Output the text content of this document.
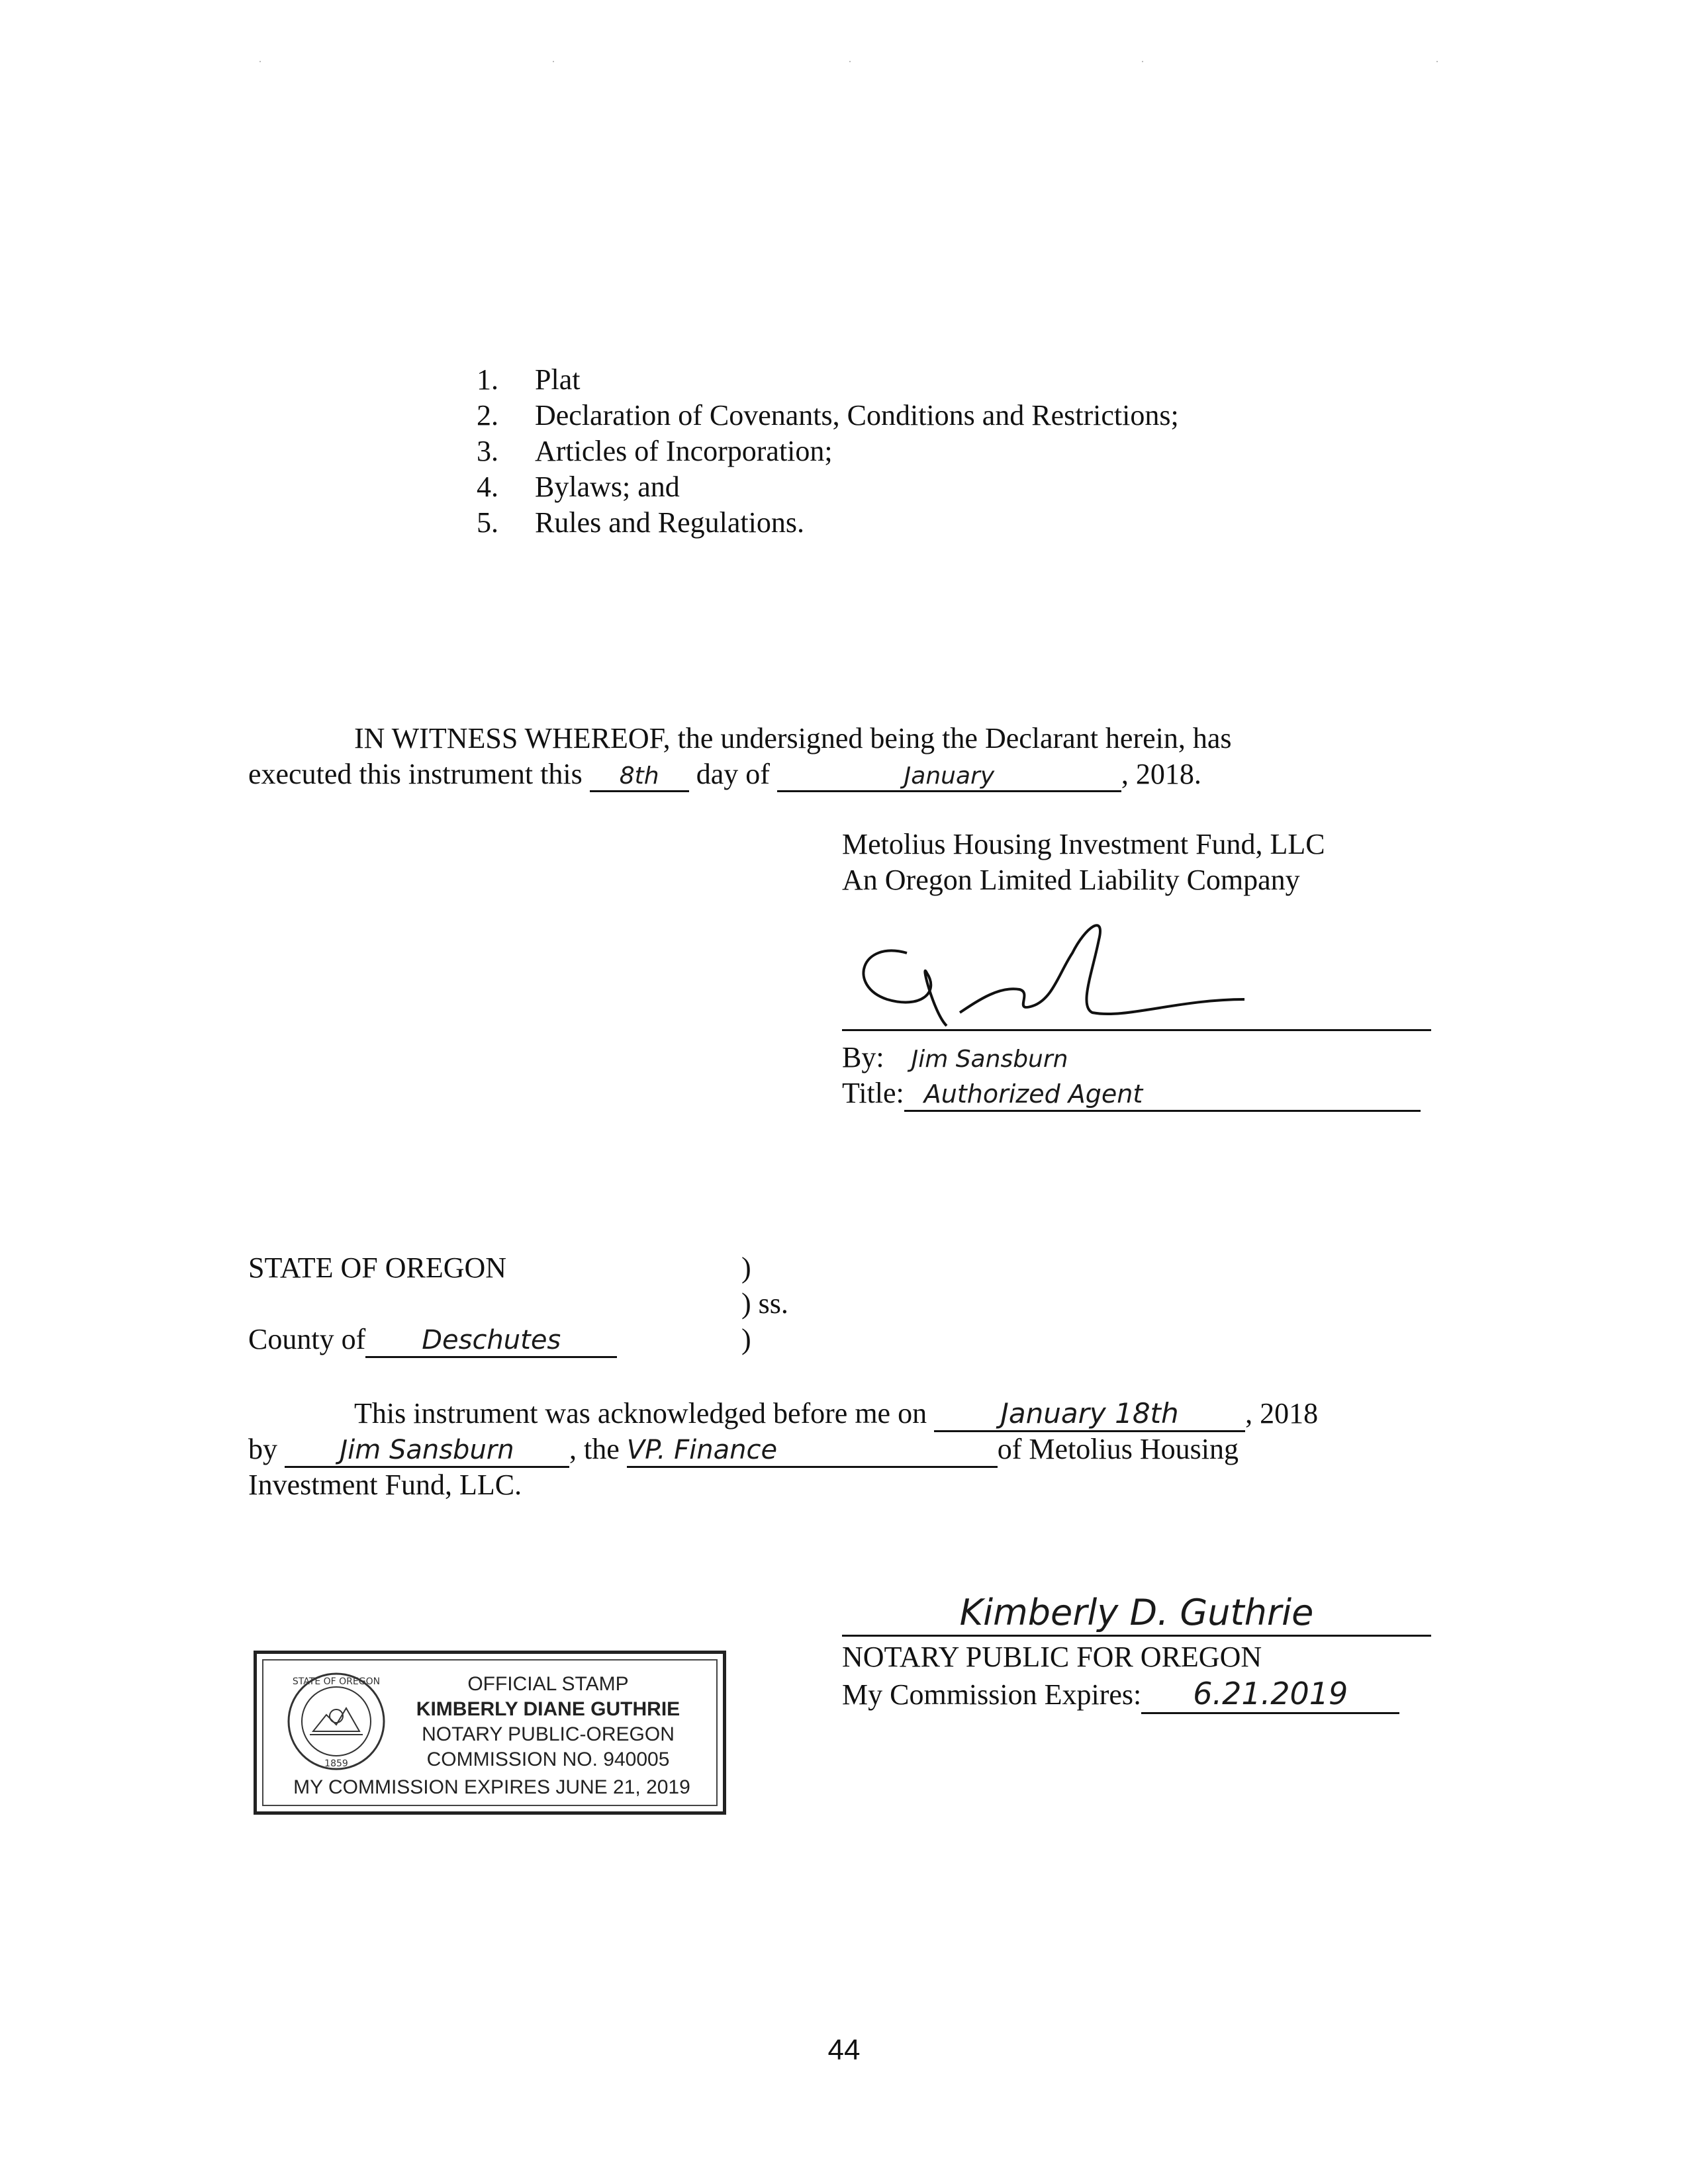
1. Plat
2. Declaration of Covenants, Conditions and Restrictions;
3. Articles of Incorporation;
4. Bylaws; and
5. Rules and Regulations.
IN WITNESS WHEREOF, the undersigned being the Declarant herein, has
executed this instrument this 8th day of	January	, 2018.
Metolius Housing Investment Fund, LLC
An Oregon Limited Liability Company
By: Jim Sansburn
Title: Authorized Agent
STATE OF OREGON	)
) ss.
)
County of Deschutes
This instrument was acknowledged before me on	January 18th , 2018
by Jim Sansburn , the VP. Finance	of Metolius Housing
Investment Fund, LLC.
Kimberly D. Guthrie
NOTARY PUBLIC FOR OREGON
My Commission Expires: 6.21.2019
STATE OF OREGON
1859
OFFICIAL STAMP
KIMBERLY DIANE GUTHRIE
NOTARY PUBLIC-OREGON
COMMISSION NO. 940005
MY COMMISSION EXPIRES JUNE 21, 2019
44
